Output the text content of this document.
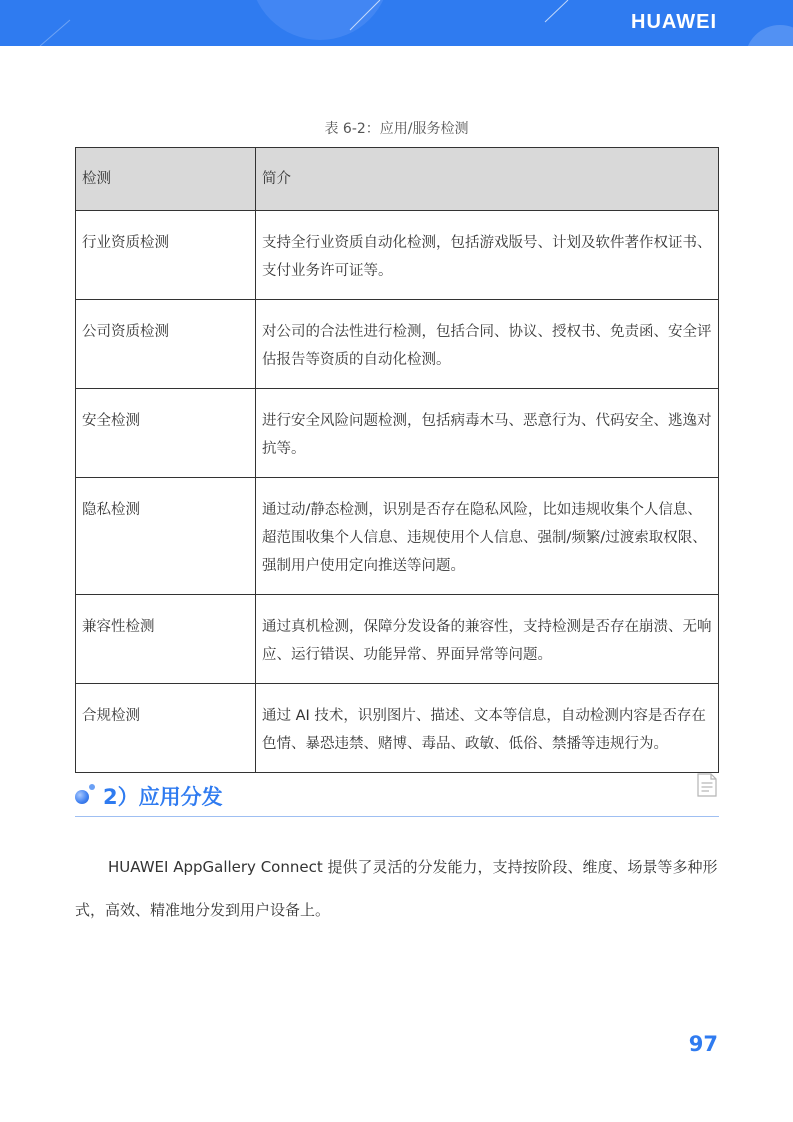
HUAWEI
表 6-2：应用/服务检测
检测	简介
行业资质检测	支持全行业资质自动化检测，包括游戏版号、计划及软件著作权证书、支付业务许可证等。
公司资质检测	对公司的合法性进行检测，包括合同、协议、授权书、免责函、安全评估报告等资质的自动化检测。
安全检测	进行安全风险问题检测，包括病毒木马、恶意行为、代码安全、逃逸对抗等。
隐私检测	通过动/静态检测，识别是否存在隐私风险，比如违规收集个人信息、超范围收集个人信息、违规使用个人信息、强制/频繁/过渡索取权限、强制用户使用定向推送等问题。
兼容性检测	通过真机检测，保障分发设备的兼容性，支持检测是否存在崩溃、无响应、运行错误、功能异常、界面异常等问题。
合规检测	通过 AI 技术，识别图片、描述、文本等信息，自动检测内容是否存在色情、暴恐违禁、赌博、毒品、政敏、低俗、禁播等违规行为。
2）应用分发
HUAWEI AppGallery Connect 提供了灵活的分发能力，支持按阶段、维度、场景等多种形式，高效、精准地分发到用户设备上。
97
